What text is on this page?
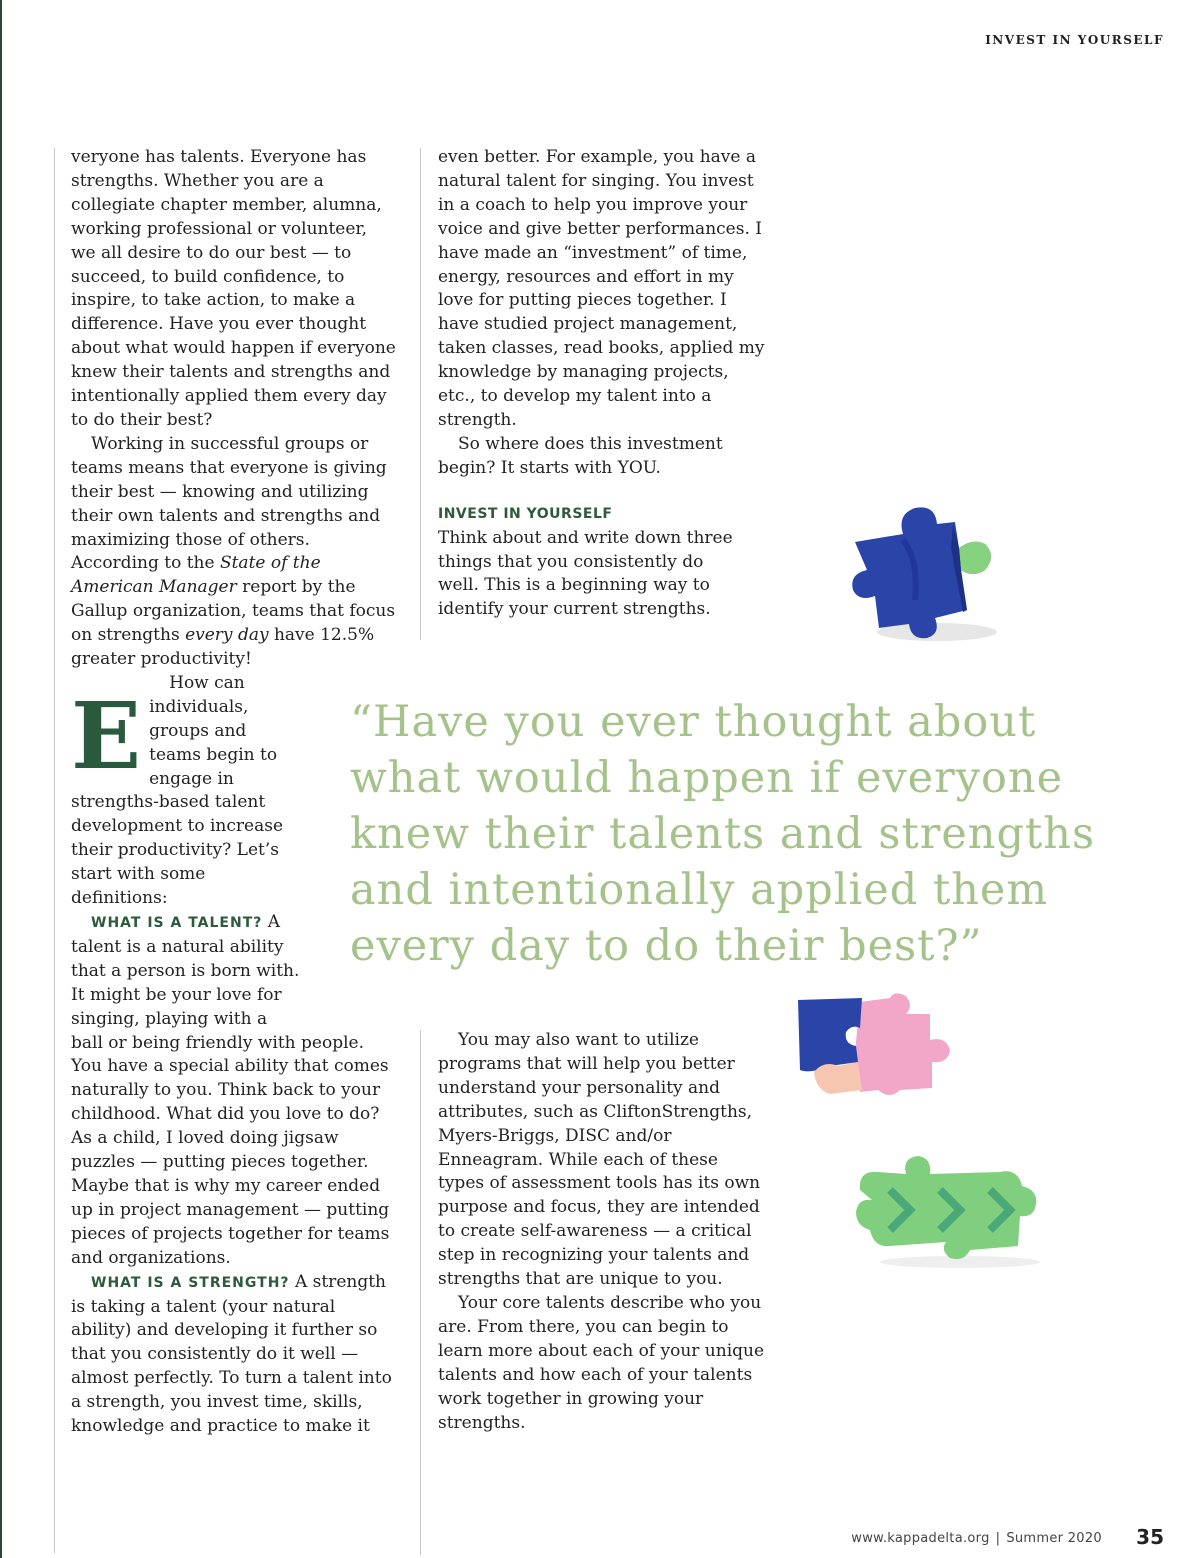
INVEST IN YOURSELF

E
veryone has talents. Everyone has strengths. Whether you are a collegiate chapter member, alumna, working professional or volunteer, we all desire to do our best — to succeed, to build confidence, to inspire, to take action, to make a difference. Have you ever thought about what would happen if everyone knew their talents and strengths and intentionally applied them every day to do their best?

Working in successful groups or teams means that everyone is giving their best — knowing and utilizing their own talents and strengths and maximizing those of others. According to the State of the American Manager report by the Gallup organization, teams that focus on strengths every day have 12.5% greater productivity!

How can individuals, groups and teams begin to engage in strengths-based talent development to increase their productivity? Let’s start with some definitions:

WHAT IS A TALENT? A talent is a natural ability that a person is born with. It might be your love for singing, playing with a ball or being friendly with people. You have a special ability that comes naturally to you. Think back to your childhood. What did you love to do? As a child, I loved doing jigsaw puzzles — putting pieces together. Maybe that is why my career ended up in project management — putting pieces of projects together for teams and organizations.

WHAT IS A STRENGTH? A strength is taking a talent (your natural ability) and developing it further so that you consistently do it well — almost perfectly. To turn a talent into a strength, you invest time, skills, knowledge and practice to make it

even better. For example, you have a natural talent for singing. You invest in a coach to help you improve your voice and give better performances. I have made an “investment” of time, energy, resources and effort in my love for putting pieces together. I have studied project management, taken classes, read books, applied my knowledge by managing projects, etc., to develop my talent into a strength.

So where does this investment begin? It starts with YOU.

INVEST IN YOURSELF

Think about and write down three things that you consistently do well. This is a beginning way to identify your current strengths.

“Have you ever thought about what would happen if everyone knew their talents and strengths and intentionally applied them every day to do their best?”

You may also want to utilize programs that will help you better understand your personality and attributes, such as CliftonStrengths, Myers-Briggs, DISC and/or Enneagram. While each of these types of assessment tools has its own purpose and focus, they are intended to create self-awareness — a critical step in recognizing your talents and strengths that are unique to you.

Your core talents describe who you are. From there, you can begin to learn more about each of your unique talents and how each of your talents work together in growing your strengths.

www.kappadelta.org | Summer 2020 35
